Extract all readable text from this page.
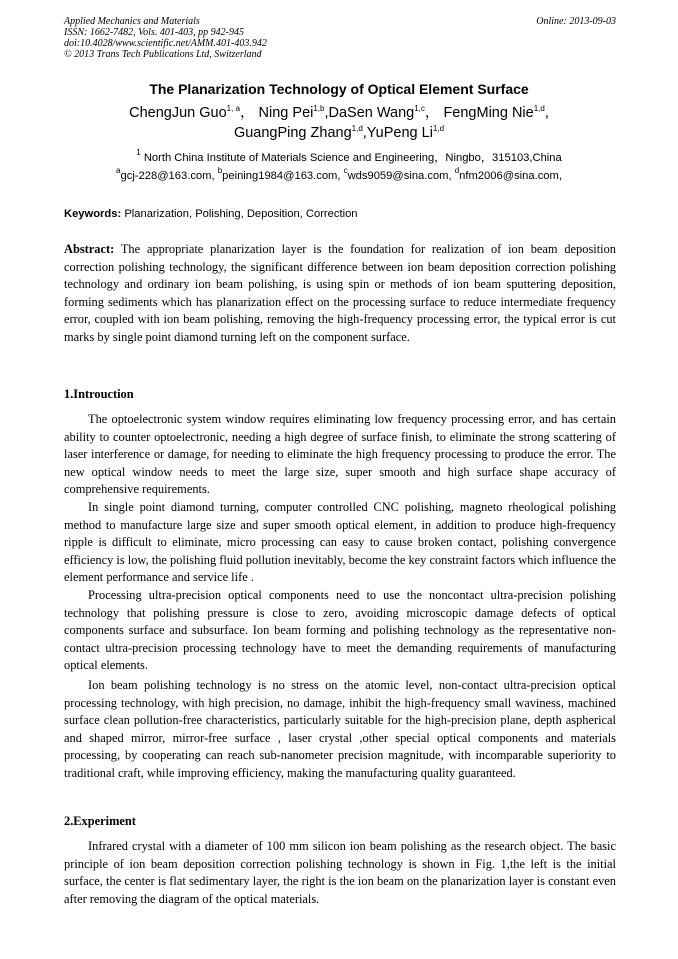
Applied Mechanics and Materials
ISSN: 1662-7482, Vols. 401-403, pp 942-945
doi:10.4028/www.scientific.net/AMM.401-403.942
© 2013 Trans Tech Publications Ltd, Switzerland
Online: 2013-09-03
The Planarization Technology of Optical Element Surface
ChengJun Guo$^{1, a}$， Ning Pei$^{1,b}$,DaSen Wang$^{1,c}$， FengMing Nie$^{1,d}$,
GuangPing Zhang$^{1,d}$,YuPeng Li$^{1,d}$
$^1$ North China Institute of Materials Science and Engineering，Ningbo，315103,China
$^a$gcj-228@163.com, $^b$peining1984@163.com, $^c$wds9059@sina.com, $^d$nfm2006@sina.com,
Keywords: Planarization, Polishing, Deposition, Correction
Abstract: The appropriate planarization layer is the foundation for realization of ion beam deposition correction polishing technology, the significant difference between ion beam deposition correction polishing technology and ordinary ion beam polishing, is using spin or methods of ion beam sputtering deposition, forming sediments which has planarization effect on the processing surface to reduce intermediate frequency error, coupled with ion beam polishing, removing the high-frequency processing error, the typical error is cut marks by single point diamond turning left on the component surface.
1.Introuction
The optoelectronic system window requires eliminating low frequency processing error, and has certain ability to counter optoelectronic, needing a high degree of surface finish, to eliminate the strong scattering of laser interference or damage, for needing to eliminate the high frequency processing to produce the error. The new optical window needs to meet the large size, super smooth and high surface shape accuracy of comprehensive requirements.
In single point diamond turning, computer controlled CNC polishing, magneto rheological polishing method to manufacture large size and super smooth optical element, in addition to produce high-frequency ripple is difficult to eliminate, micro processing can easy to cause broken contact, polishing convergence efficiency is low, the polishing fluid pollution inevitably, become the key constraint factors which influence the element performance and service life .
Processing ultra-precision optical components need to use the noncontact ultra-precision polishing technology that polishing pressure is close to zero, avoiding microscopic damage defects of optical components surface and subsurface. Ion beam forming and polishing technology as the representative non-contact ultra-precision processing technology have to meet the demanding requirements of manufacturing optical elements.
Ion beam polishing technology is no stress on the atomic level, non-contact ultra-precision optical processing technology, with high precision, no damage, inhibit the high-frequency small waviness, machined surface clean pollution-free characteristics, particularly suitable for the high-precision plane, depth aspherical and shaped mirror, mirror-free surface , laser crystal ,other special optical components and materials processing, by cooperating can reach sub-nanometer precision magnitude, with incomparable superiority to traditional craft, while improving efficiency, making the manufacturing quality guaranteed.
2.Experiment
Infrared crystal with a diameter of 100 mm silicon ion beam polishing as the research object. The basic principle of ion beam deposition correction polishing technology is shown in Fig. 1,the left is the initial surface, the center is flat sedimentary layer, the right is the ion beam on the planarization layer is constant even after removing the diagram of the optical materials.
